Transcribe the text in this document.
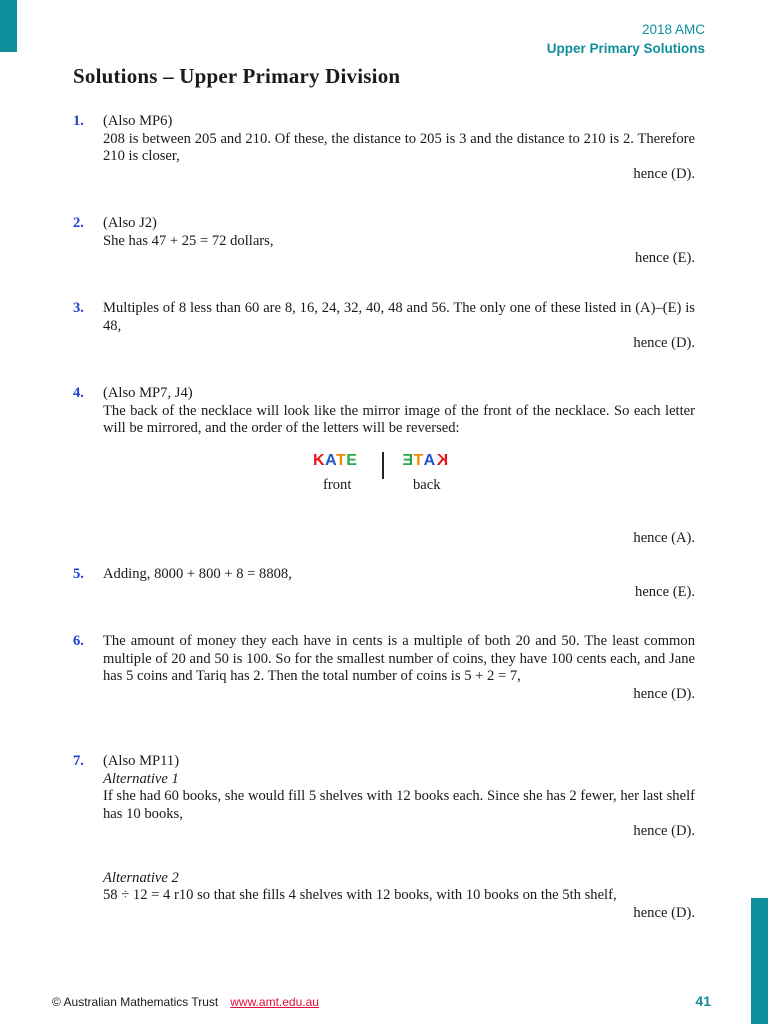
2018 AMC
Upper Primary Solutions
Solutions – Upper Primary Division
1. (Also MP6)

208 is between 205 and 210. Of these, the distance to 205 is 3 and the distance to 210 is 2. Therefore 210 is closer,

hence (D).

2. (Also J2)

She has 47 + 25 = 72 dollars,

hence (E).

3. Multiples of 8 less than 60 are 8, 16, 24, 32, 40, 48 and 56. The only one of these listed in (A)–(E) is 48,

hence (D).

4. (Also MP7, J4)

The back of the necklace will look like the mirror image of the front of the necklace. So each letter will be mirrored, and the order of the letters will be reversed:

hence (A).

KATE	ETAK
front	back
5. Adding, 8000 + 800 + 8 = 8808,

hence (E).

6. The amount of money they each have in cents is a multiple of both 20 and 50. The least common multiple of 20 and 50 is 100. So for the smallest number of coins, they have 100 cents each, and Jane has 5 coins and Tariq has 2. Then the total number of coins is 5 + 2 = 7,

hence (D).

7. (Also MP11)

Alternative 1

If she had 60 books, she would fill 5 shelves with 12 books each. Since she has 2 fewer, her last shelf has 10 books,

hence (D).

Alternative 2

58 ÷ 12 = 4 r10 so that she fills 4 shelves with 12 books, with 10 books on the 5th shelf,

hence (D).

© Australian Mathematics Trust www.amt.edu.au	41
